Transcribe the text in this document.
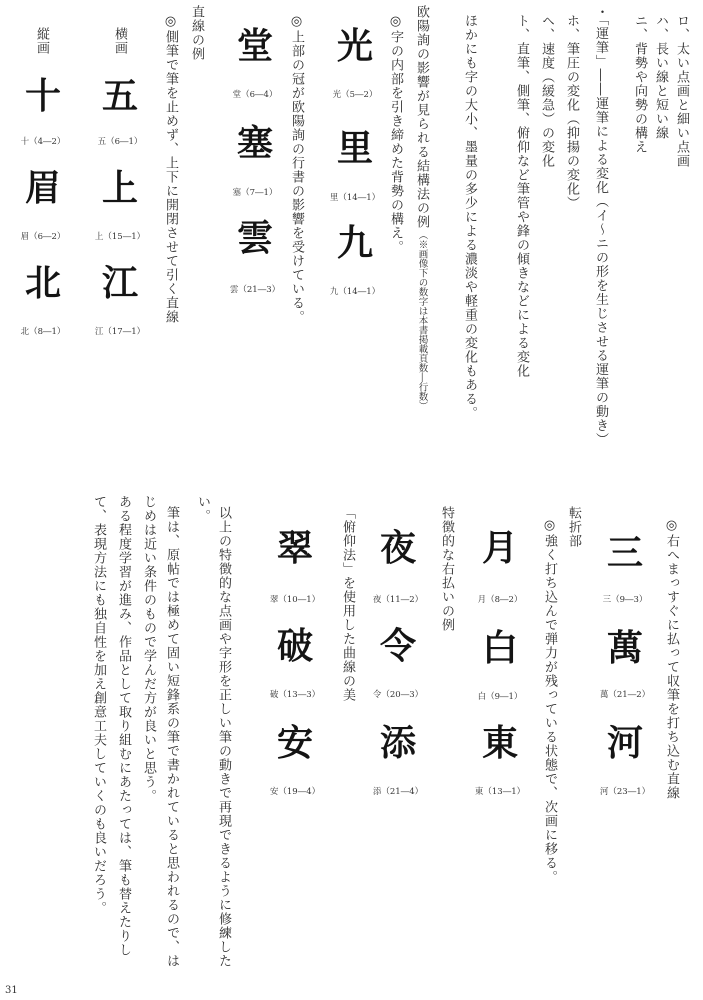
ロ、太い点画と細い点画
ハ、長い線と短い線
ニ、背勢や向勢の構え
・「運筆」――運筆による変化（イ～ニの形を生じさせる運筆の動き）
ホ、筆圧の変化（抑揚の変化）
ヘ、速度（緩急）の変化
ト、直筆、側筆、俯仰など筆管や鋒の傾きなどによる変化
ほかにも字の大小、墨量の多少による濃淡や軽重の変化もある。
欧陽詢の影響が見られる結構法の例
（※画像下の数字は本書掲載頁数―行数）
◎字の内部を引き締めた背勢の構え。
◎上部の冠が欧陽詢の行書の影響を受けている。
直線の例
◎側筆で筆を止めず、上下に開閉させて引く直線
横画
縦画	光
光（5―2）
里
里（14―1）
九
九（14―1）
堂
堂（6―4）
塞
塞（7―1）
雲
雲（21―3）
五
五（6―1）
上
上（15―1）
江
江（17―1）
十
十（4―2）
眉
眉（6―2）
北
北（8―1）
◎右へまっすぐに払って収筆を打ち込む直線
転折部
◎強く打ち込んで弾力が残っている状態で、次画に移る。
特徴的な右払いの例
「俯仰法」を使用した曲線の美
以上の特徴的な点画や字形を正しい筆の動きで再現できるように修練した
い。
筆は、原帖では極めて固い短鋒系の筆で書かれていると思われるので、は
じめは近い条件のもので学んだ方が良いと思う。
ある程度学習が進み、作品として取り組むにあたっては、筆も替えたりし
て、表現方法にも独自性を加え創意工夫していくのも良いだろう。	三
三（9―3）
萬
萬（21―2）
河
河（23―1）
月
月（8―2）
白
白（9―1）
東
東（13―1）
夜
夜（11―2）
令
令（20―3）
添
添（21―4）
翠
翠（10―1）
破
破（13―3）
安
安（19―4）
31
